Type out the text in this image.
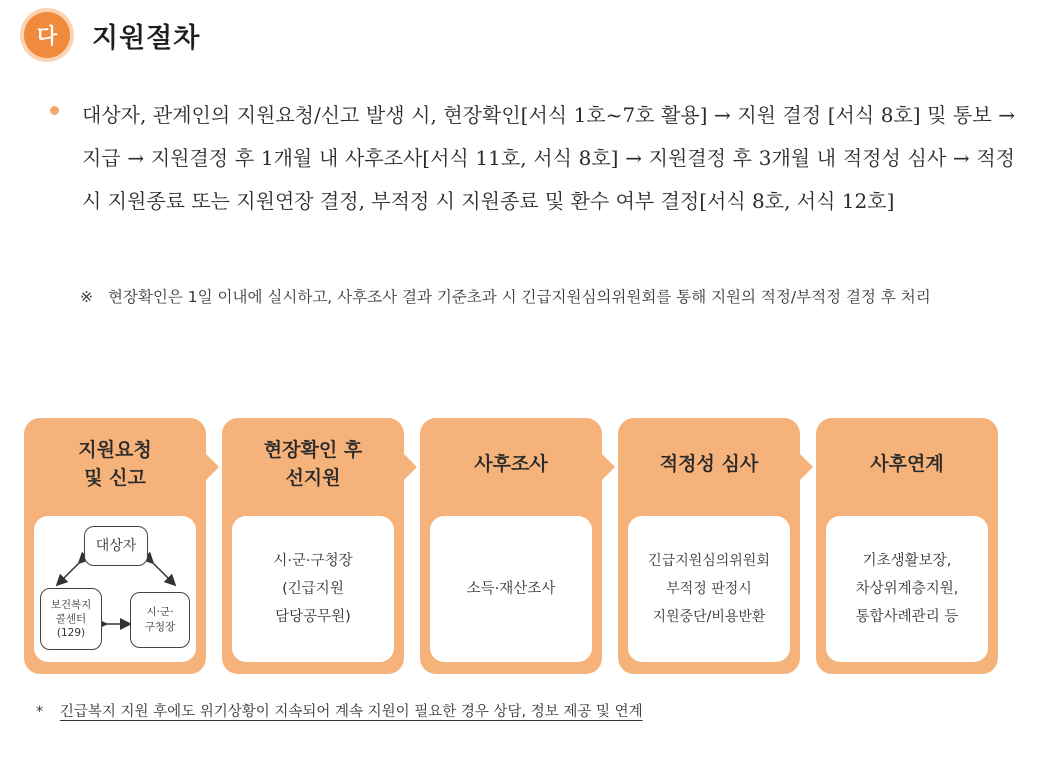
다	지원절차
대상자, 관계인의 지원요청/신고 발생 시, 현장확인[서식 1호~7호 활용] → 지원 결정 [서식 8호] 및 통보 → 지급 → 지원결정 후 1개월 내 사후조사[서식 11호, 서식 8호] → 지원결정 후 3개월 내 적정성 심사 → 적정 시 지원종료 또는 지원연장 결정, 부적정 시 지원종료 및 환수 여부 결정[서식 8호, 서식 12호]
※ 현장확인은 1일 이내에 실시하고, 사후조사 결과 기준초과 시 긴급지원심의위원회를 통해 지원의 적정/부적정 결정 후 처리
지원요청
및 신고
대상자
보건복지
콜센터
(129)
시·군·
구청장
현장확인 후
선지원
시·군·구청장
(긴급지원
담당공무원)
사후조사
소득·재산조사
적정성 심사
긴급지원심의위원회
부적정 판정시
지원중단/비용반환
사후연계
기초생활보장,
차상위계층지원,
통합사례관리 등
* 긴급복지 지원 후에도 위기상황이 지속되어 계속 지원이 필요한 경우 상담, 정보 제공 및 연계
